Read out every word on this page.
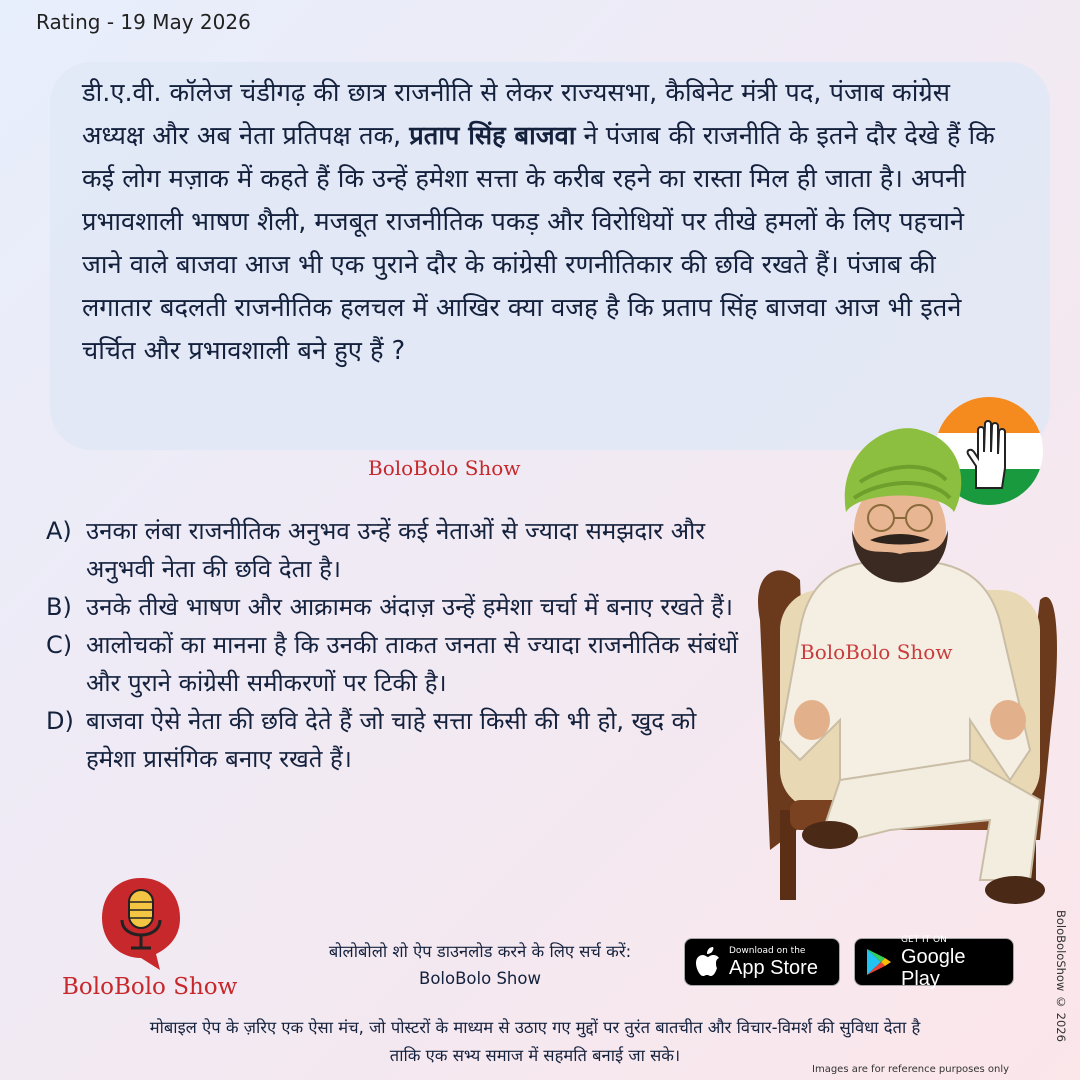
Rating - 19 May 2026

डी.ए.वी. कॉलेज चंडीगढ़ की छात्र राजनीति से लेकर राज्यसभा, कैबिनेट मंत्री पद, पंजाब कांग्रेस अध्यक्ष और अब नेता प्रतिपक्ष तक, प्रताप सिंह बाजवा ने पंजाब की राजनीति के इतने दौर देखे हैं कि कई लोग मज़ाक में कहते हैं कि उन्हें हमेशा सत्ता के करीब रहने का रास्ता मिल ही जाता है। अपनी प्रभावशाली भाषण शैली, मजबूत राजनीतिक पकड़ और विरोधियों पर तीखे हमलों के लिए पहचाने जाने वाले बाजवा आज भी एक पुराने दौर के कांग्रेसी रणनीतिकार की छवि रखते हैं। पंजाब की लगातार बदलती राजनीतिक हलचल में आखिर क्या वजह है कि प्रताप सिंह बाजवा आज भी इतने चर्चित और प्रभावशाली बने हुए हैं ?

BoloBolo Show
A) उनका लंबा राजनीतिक अनुभव उन्हें कई नेताओं से ज्यादा समझदार और अनुभवी नेता की छवि देता है।
B) उनके तीखे भाषण और आक्रामक अंदाज़ उन्हें हमेशा चर्चा में बनाए रखते हैं।
C) आलोचकों का मानना है कि उनकी ताकत जनता से ज्यादा राजनीतिक संबंधों और पुराने कांग्रेसी समीकरणों पर टिकी है।
D) बाजवा ऐसे नेता की छवि देते हैं जो चाहे सत्ता किसी की भी हो, खुद को हमेशा प्रासंगिक बनाए रखते हैं।
BoloBolo Show
BoloBolo Show
बोलोबोलो शो ऐप डाउनलोड करने के लिए सर्च करें:
BoloBolo Show
Download on the
App Store
GET IT ON
Google Play
मोबाइल ऐप के ज़रिए एक ऐसा मंच, जो पोस्टरों के माध्यम से उठाए गए मुद्दों पर तुरंत बातचीत और विचार-विमर्श की सुविधा देता है
ताकि एक सभ्य समाज में सहमति बनाई जा सके।
BoloBoloShow © 2026
Images are for reference purposes only
